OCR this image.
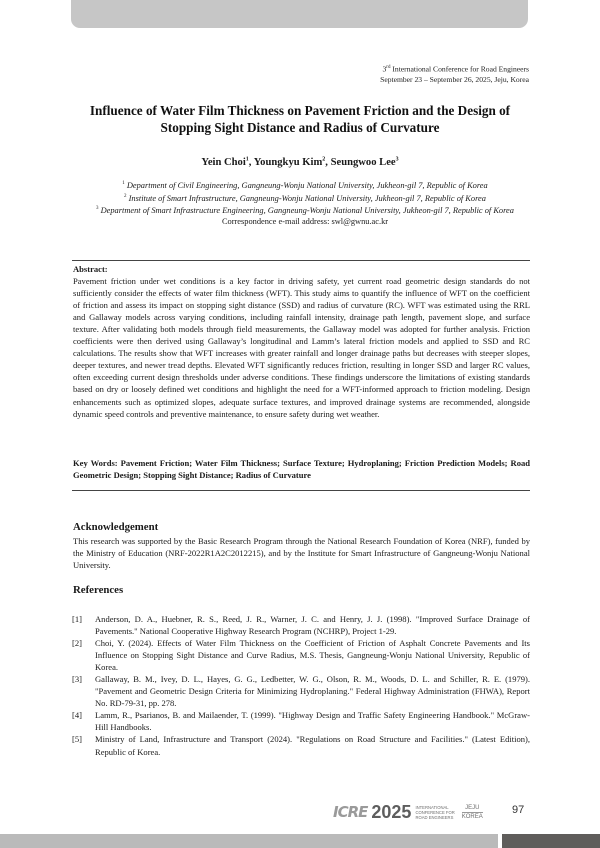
3rd International Conference for Road Engineers
September 23 – September 26, 2025, Jeju, Korea
Influence of Water Film Thickness on Pavement Friction and the Design of
Stopping Sight Distance and Radius of Curvature
Yein Choi$^1$, Youngkyu Kim$^2$, Seungwoo Lee$^3$
$^1$ Department of Civil Engineering, Gangneung-Wonju National University, Jukheon-gil 7, Republic of Korea
$^2$ Institute of Smart Infrastructure, Gangneung-Wonju National University, Jukheon-gil 7, Republic of Korea
$^3$ Department of Smart Infrastructure Engineering, Gangneung-Wonju National University, Jukheon-gil 7, Republic of Korea
Correspondence e-mail address: swl@gwnu.ac.kr
Abstract:
Pavement friction under wet conditions is a key factor in driving safety, yet current road geometric design standards do not sufficiently consider the effects of water film thickness (WFT). This study aims to quantify the influence of WFT on the coefficient of friction and assess its impact on stopping sight distance (SSD) and radius of curvature (RC). WFT was estimated using the RRL and Gallaway models across varying conditions, including rainfall intensity, drainage path length, pavement slope, and surface texture. After validating both models through field measurements, the Gallaway model was adopted for further analysis. Friction coefficients were then derived using Gallaway’s longitudinal and Lamm’s lateral friction models and applied to SSD and RC calculations. The results show that WFT increases with greater rainfall and longer drainage paths but decreases with steeper slopes, deeper textures, and newer tread depths. Elevated WFT significantly reduces friction, resulting in longer SSD and larger RC values, often exceeding current design thresholds under adverse conditions. These findings underscore the limitations of existing standards based on dry or loosely defined wet conditions and highlight the need for a WFT-informed approach to friction modeling. Design enhancements such as optimized slopes, adequate surface textures, and improved drainage systems are recommended, alongside dynamic speed controls and preventive maintenance, to ensure safety during wet weather.
Key Words: Pavement Friction; Water Film Thickness; Surface Texture; Hydroplaning; Friction Prediction Models; Road Geometric Design; Stopping Sight Distance; Radius of Curvature
Acknowledgement
This research was supported by the Basic Research Program through the National Research Foundation of Korea (NRF), funded by the Ministry of Education (NRF-2022R1A2C2012215), and by the Institute for Smart Infrastructure of Gangneung-Wonju National University.
References
[1]	Anderson, D. A., Huebner, R. S., Reed, J. R., Warner, J. C. and Henry, J. J. (1998). "Improved Surface Drainage of Pavements." National Cooperative Highway Research Program (NCHRP), Project 1-29.
[2]	Choi, Y. (2024). Effects of Water Film Thickness on the Coefficient of Friction of Asphalt Concrete Pavements and Its Influence on Stopping Sight Distance and Curve Radius, M.S. Thesis, Gangneung-Wonju National University, Republic of Korea.
[3]	Gallaway, B. M., Ivey, D. L., Hayes, G. G., Ledbetter, W. G., Olson, R. M., Woods, D. L. and Schiller, R. E. (1979). "Pavement and Geometric Design Criteria for Minimizing Hydroplaning." Federal Highway Administration (FHWA), Report No. RD-79-31, pp. 278.
[4]	Lamm, R., Psarianos, B. and Mailaender, T. (1999). "Highway Design and Traffic Safety Engineering Handbook." McGraw-Hill Handbooks.
[5]	Ministry of Land, Infrastructure and Transport (2024). "Regulations on Road Structure and Facilities." (Latest Edition), Republic of Korea.
ICRE 2025 INTERNATIONAL
CONFERENCE FOR
ROAD ENGINEERS
JEJU
KOREA
97
